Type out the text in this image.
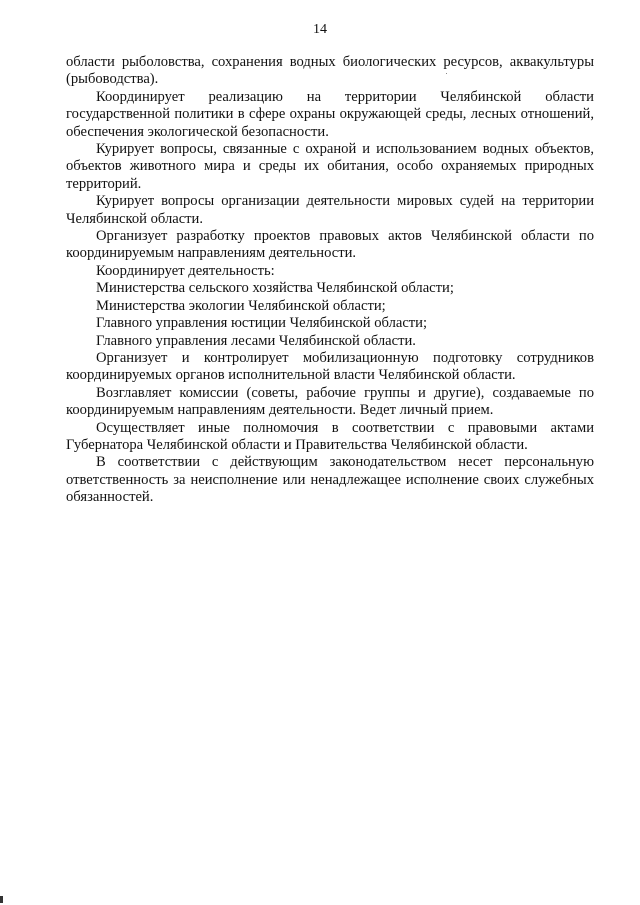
14

области рыболовства, сохранения водных биологических ресурсов, аквакультуры (рыбоводства).

Координирует реализацию на территории Челябинской области государственной политики в сфере охраны окружающей среды, лесных отношений, обеспечения экологической безопасности.

Курирует вопросы, связанные с охраной и использованием водных объектов, объектов животного мира и среды их обитания, особо охраняемых природных территорий.

Курирует вопросы организации деятельности мировых судей на территории Челябинской области.

Организует разработку проектов правовых актов Челябинской области по координируемым направлениям деятельности.

Координирует деятельность:

Министерства сельского хозяйства Челябинской области;

Министерства экологии Челябинской области;

Главного управления юстиции Челябинской области;

Главного управления лесами Челябинской области.

Организует и контролирует мобилизационную подготовку сотрудников координируемых органов исполнительной власти Челябинской области.

Возглавляет комиссии (советы, рабочие группы и другие), создаваемые по координируемым направлениям деятельности. Ведет личный прием.

Осуществляет иные полномочия в соответствии с правовыми актами Губернатора Челябинской области и Правительства Челябинской области.

В соответствии с действующим законодательством несет персональную ответственность за неисполнение или ненадлежащее исполнение своих служебных обязанностей.
